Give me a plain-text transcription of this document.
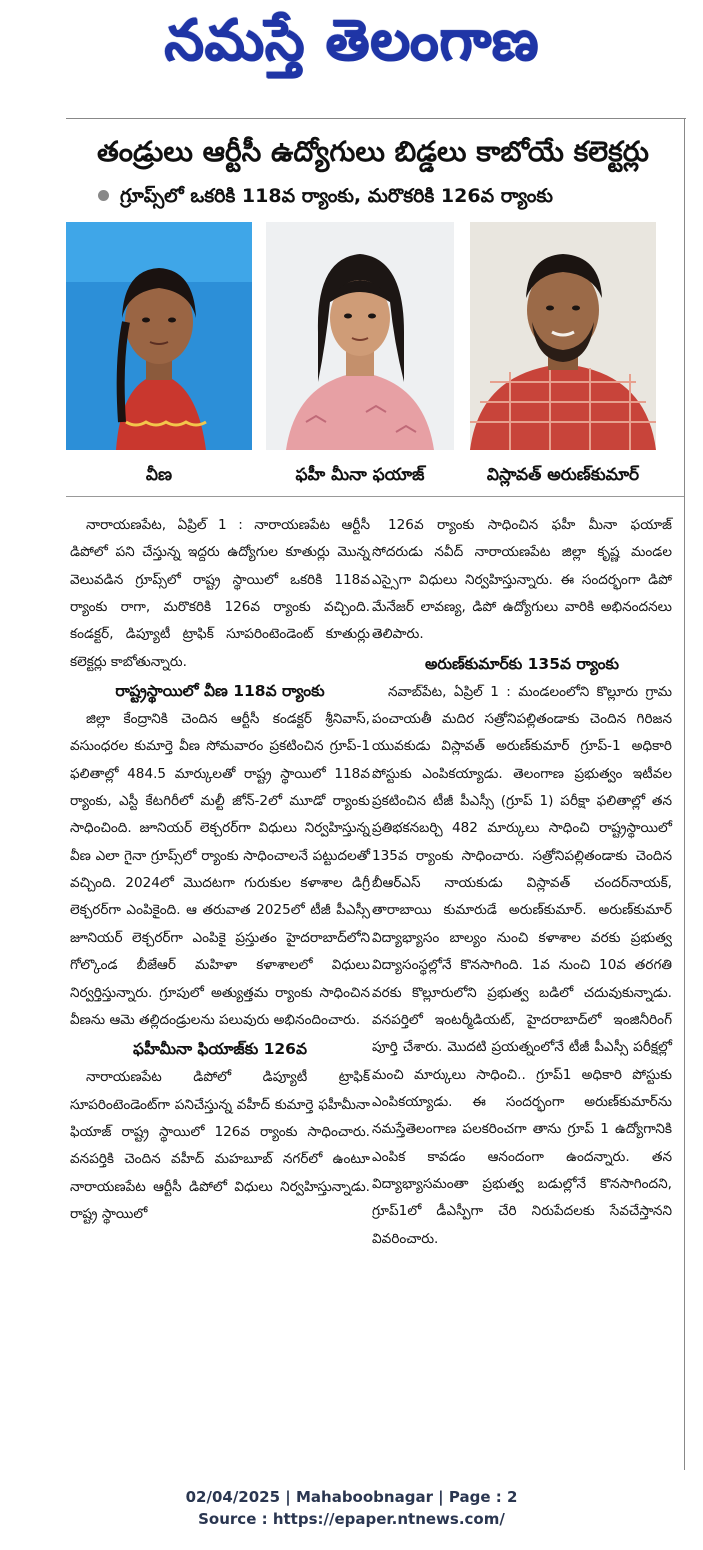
నమస్తే తెలంగాణ
తండ్రులు ఆర్టీసీ ఉద్యోగులు బిడ్డలు కాబోయే కలెక్టర్లు
గ్రూప్స్‌లో ఒకరికి 118వ ర్యాంకు, మరొకరికి 126వ ర్యాంకు
వీణ	ఫహీ మీనా ఫయాజ్	విస్లావత్ అరుణ్‌కుమార్

నారాయణపేట, ఏప్రిల్ 1 : నారాయణపేట ఆర్టీసీ డిపోలో పని చేస్తున్న ఇద్దరు ఉద్యోగుల కూతుర్లు మొన్న వెలువడిన గ్రూప్స్‌లో రాష్ట్ర స్థాయిలో ఒకరికి 118వ ర్యాంకు రాగా, మరొకరికి 126వ ర్యాంకు వచ్చింది. కండక్టర్, డిప్యూటీ ట్రాఫిక్ సూపరింటెండెంట్ కూతుర్లు కలెక్టర్లు కాబోతున్నారు.

రాష్ట్రస్థాయిలో వీణ 118వ ర్యాంకు

జిల్లా కేంద్రానికి చెందిన ఆర్టీసీ కండక్టర్ శ్రీనివాస్, వసుంధరల కుమార్తె వీణ సోమవారం ప్రకటించిన గ్రూప్-1 ఫలితాల్లో 484.5 మార్కులతో రాష్ట్ర స్థాయిలో 118వ ర్యాంకు, ఎస్టీ కేటగిరీలో మల్టీ జోన్-2లో మూడో ర్యాంకు సాధించింది. జూనియర్ లెక్చరర్‌గా విధులు నిర్వహిస్తున్న వీణ ఎలా గైనా గ్రూప్స్‌లో ర్యాంకు సాధించాలనే పట్టుదలతో వచ్చింది. 2024లో మొదటగా గురుకుల కళాశాల డిగ్రీ లెక్చరర్‌గా ఎంపికైంది. ఆ తరువాత 2025లో టీజీ పీఎస్సీ జూనియర్ లెక్చరర్‌గా ఎంపికై ప్రస్తుతం హైదరాబాద్‌లోని గోల్కొండ బీజేఆర్ మహిళా కళాశాలలో విధులు నిర్వర్తిస్తున్నారు. గ్రూపులో అత్యుత్తమ ర్యాంకు సాధించిన వీణను ఆమె తల్లిదండ్రులను పలువురు అభినందించారు.

ఫహీమీనా ఫియాజ్‌కు 126వ

నారాయణపేట డిపోలో డిప్యూటీ ట్రాఫిక్ సూపరింటెండెంట్‌గా పనిచేస్తున్న వహీద్ కుమార్తె ఫహీమీనా ఫియాజ్ రాష్ట్ర స్థాయిలో 126వ ర్యాంకు సాధించారు. వనపర్తికి చెందిన వహీద్ మహబూబ్ నగర్‌లో ఉంటూ నారాయణపేట ఆర్టీసీ డిపోలో విధులు నిర్వహిస్తున్నాడు. రాష్ట్ర స్థాయిలో

126వ ర్యాంకు సాధించిన ఫహీ మీనా ఫయాజ్ సోదరుడు నవీద్ నారాయణపేట జిల్లా కృష్ణ మండల ఎస్సైగా విధులు నిర్వహిస్తున్నారు. ఈ సందర్భంగా డిపో మేనేజర్ లావణ్య, డిపో ఉద్యోగులు వారికి అభినందనలు తెలిపారు.

అరుణ్‌కుమార్‌కు 135వ ర్యాంకు

నవాబ్‌పేట, ఏప్రిల్ 1 : మండలంలోని కొల్లూరు గ్రామ పంచాయతీ మదిర సత్రోనిపల్లితండాకు చెందిన గిరిజన యువకుడు విస్లావత్ అరుణ్‌కుమార్ గ్రూప్-1 అధికారి పోస్టుకు ఎంపికయ్యాడు. తెలంగాణ ప్రభుత్వం ఇటీవల ప్రకటించిన టీజీ పీఎస్సీ (గ్రూప్ 1) పరీక్షా ఫలితాల్లో తన ప్రతిభకనబర్చి 482 మార్కులు సాధించి రాష్ట్రస్థాయిలో 135వ ర్యాంకు సాధించారు. సత్రోనిపల్లితండాకు చెందిన బీఆర్‌ఎస్ నాయకుడు విస్లావత్ చందర్‌నాయక్, తారాబాయి కుమారుడే అరుణ్‌కుమార్. అరుణ్‌కుమార్ విద్యాభ్యాసం బాల్యం నుంచి కళాశాల వరకు ప్రభుత్వ విద్యాసంస్థల్లోనే కొనసాగింది. 1వ నుంచి 10వ తరగతి వరకు కొల్లూరులోని ప్రభుత్వ బడిలో చదువుకున్నాడు. వనపర్తిలో ఇంటర్మీడియట్, హైదరాబాద్‌లో ఇంజినీరింగ్ పూర్తి చేశారు. మొదటి ప్రయత్నంలోనే టీజీ పీఎస్సీ పరీక్షల్లో మంచి మార్కులు సాధించి.. గ్రూప్1 అధికారి పోస్టుకు ఎంపికయ్యాడు. ఈ సందర్భంగా అరుణ్‌కుమార్‌ను నమస్తేతెలంగాణ పలకరించగా తాను గ్రూప్ 1 ఉద్యోగానికి ఎంపిక కావడం ఆనందంగా ఉందన్నారు. తన విద్యాభ్యాసమంతా ప్రభుత్వ బడుల్లోనే కొనసాగిందని, గ్రూప్1లో డీఎస్పీగా చేరి నిరుపేదలకు సేవచేస్తానని వివరించారు.

02/04/2025 | Mahaboobnagar | Page : 2
Source : https://epaper.ntnews.com/
